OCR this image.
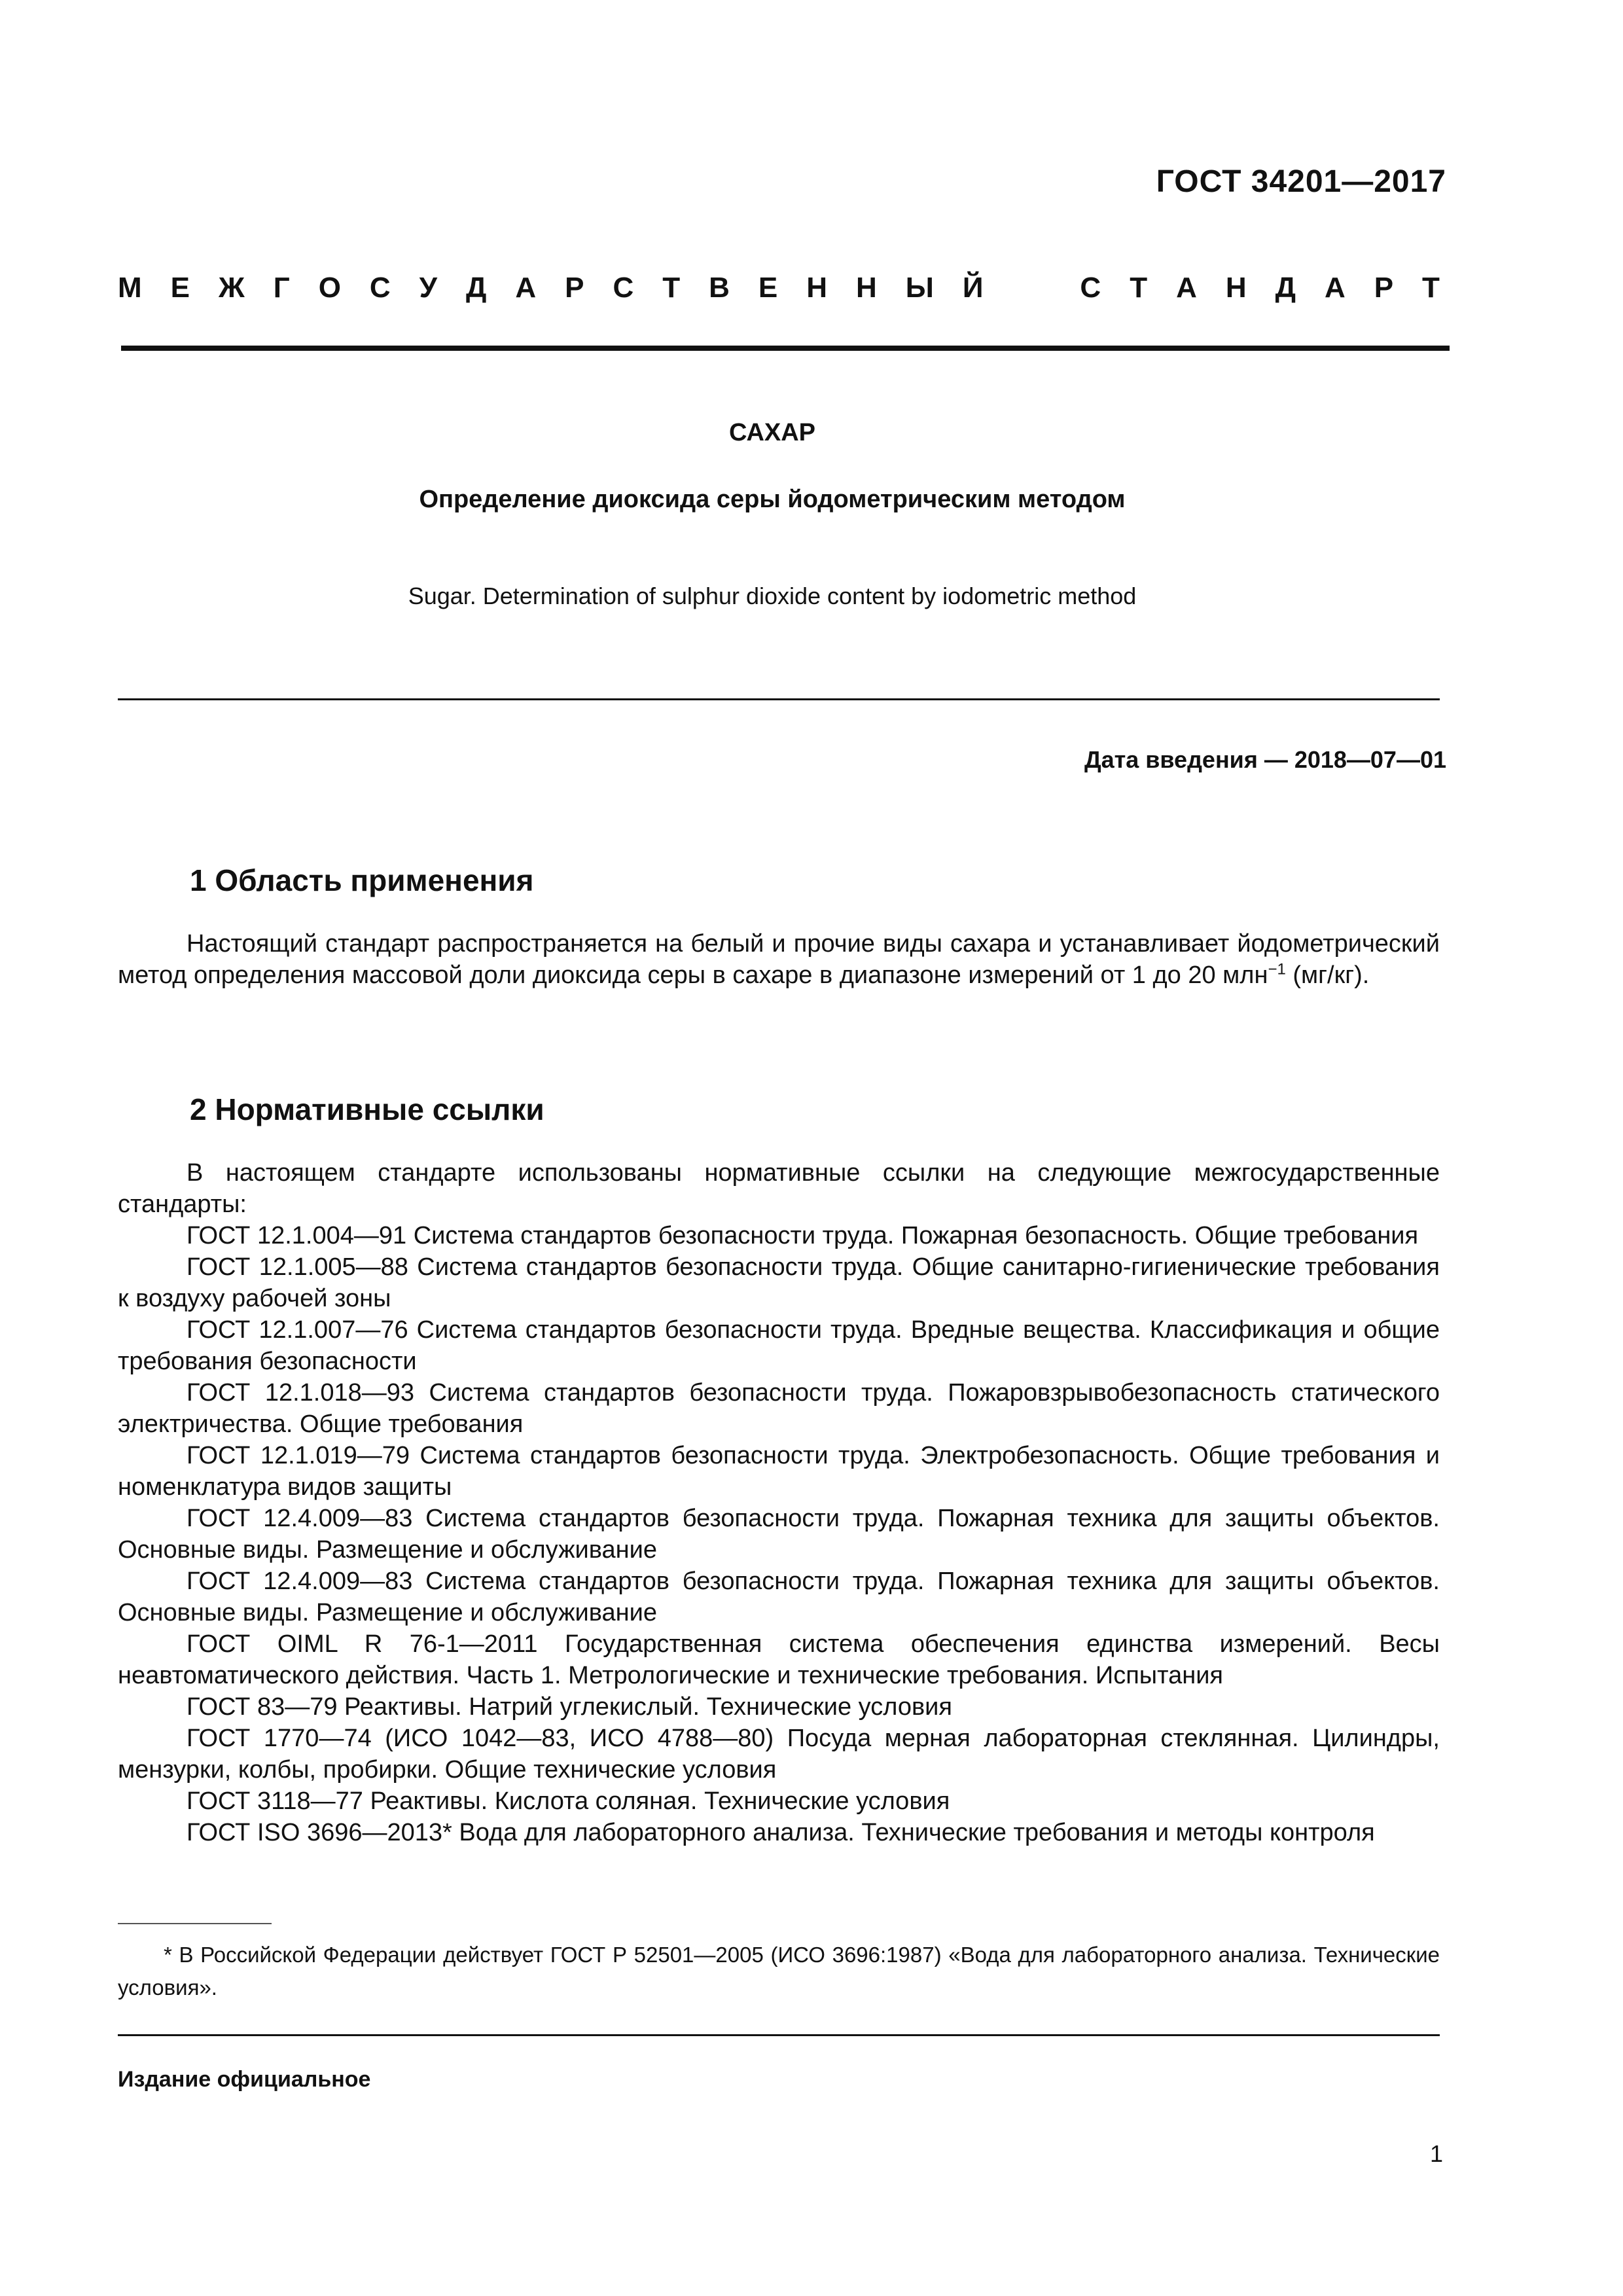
ГОСТ 34201—2017
М Е Ж Г О С У Д А Р С Т В Е Н Н Ы Й	С Т А Н Д А Р Т
САХАР
Определение диоксида серы йодометрическим методом
Sugar. Determination of sulphur dioxide content by iodometric method
Дата введения — 2018—07—01
1 Область применения

Настоящий стандарт распространяется на белый и прочие виды сахара и устанавливает йодометрический метод определения массовой доли диоксида серы в сахаре в диапазоне измерений от 1 до 20 млн$^{-1}$ (мг/кг).

2 Нормативные ссылки

В настоящем стандарте использованы нормативные ссылки на следующие межгосударственные стандарты:

ГОСТ 12.1.004—91 Система стандартов безопасности труда. Пожарная безопасность. Общие требования

ГОСТ 12.1.005—88 Система стандартов безопасности труда. Общие санитарно-гигиенические требования к воздуху рабочей зоны

ГОСТ 12.1.007—76 Система стандартов безопасности труда. Вредные вещества. Классификация и общие требования безопасности

ГОСТ 12.1.018—93 Система стандартов безопасности труда. Пожаровзрывобезопасность статического электричества. Общие требования

ГОСТ 12.1.019—79 Система стандартов безопасности труда. Электробезопасность. Общие требования и номенклатура видов защиты

ГОСТ 12.4.009—83 Система стандартов безопасности труда. Пожарная техника для защиты объектов. Основные виды. Размещение и обслуживание

ГОСТ 12.4.009—83 Система стандартов безопасности труда. Пожарная техника для защиты объектов. Основные виды. Размещение и обслуживание

ГОСТ OIML R 76-1—2011 Государственная система обеспечения единства измерений. Весы неавтоматического действия. Часть 1. Метрологические и технические требования. Испытания

ГОСТ 83—79 Реактивы. Натрий углекислый. Технические условия

ГОСТ 1770—74 (ИСО 1042—83, ИСО 4788—80) Посуда мерная лабораторная стеклянная. Цилиндры, мензурки, колбы, пробирки. Общие технические условия

ГОСТ 3118—77 Реактивы. Кислота соляная. Технические условия

ГОСТ ISO 3696—2013* Вода для лабораторного анализа. Технические требования и методы контроля

* В Российской Федерации действует ГОСТ Р 52501—2005 (ИСО 3696:1987) «Вода для лабораторного анализа. Технические условия».

Издание официальное
1
